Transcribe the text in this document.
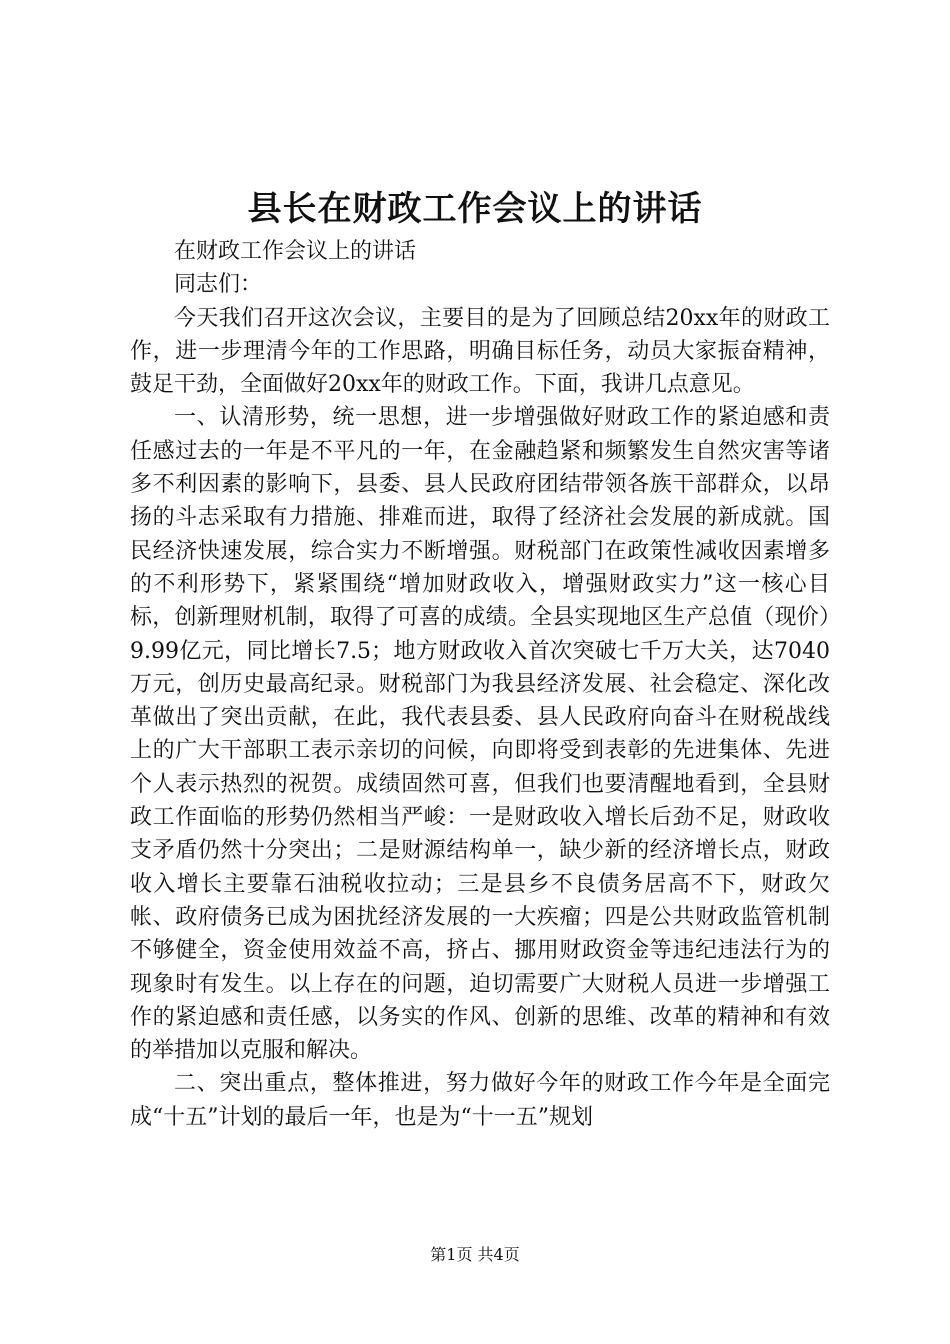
县长在财政工作会议上的讲话

在财政工作会议上的讲话

同志们：

今天我们召开这次会议，主要目的是为了回顾总结20xx年的财政工作，进一步理清今年的工作思路，明确目标任务，动员大家振奋精神，鼓足干劲，全面做好20xx年的财政工作。下面，我讲几点意见。

一、认清形势，统一思想，进一步增强做好财政工作的紧迫感和责任感过去的一年是不平凡的一年，在金融趋紧和频繁发生自然灾害等诸多不利因素的影响下，县委、县人民政府团结带领各族干部群众，以昂扬的斗志采取有力措施、排难而进，取得了经济社会发展的新成就。国民经济快速发展，综合实力不断增强。财税部门在政策性减收因素增多的不利形势下，紧紧围绕“增加财政收入，增强财政实力”这一核心目标，创新理财机制，取得了可喜的成绩。全县实现地区生产总值（现价）9.99亿元，同比增长7.5；地方财政收入首次突破七千万大关，达7040万元，创历史最高纪录。财税部门为我县经济发展、社会稳定、深化改革做出了突出贡献，在此，我代表县委、县人民政府向奋斗在财税战线上的广大干部职工表示亲切的问候，向即将受到表彰的先进集体、先进个人表示热烈的祝贺。成绩固然可喜，但我们也要清醒地看到，全县财政工作面临的形势仍然相当严峻：一是财政收入增长后劲不足，财政收支矛盾仍然十分突出；二是财源结构单一，缺少新的经济增长点，财政收入增长主要靠石油税收拉动；三是县乡不良债务居高不下，财政欠帐、政府债务已成为困扰经济发展的一大疾瘤；四是公共财政监管机制不够健全，资金使用效益不高，挤占、挪用财政资金等违纪违法行为的现象时有发生。以上存在的问题，迫切需要广大财税人员进一步增强工作的紧迫感和责任感，以务实的作风、创新的思维、改革的精神和有效的举措加以克服和解决。

二、突出重点，整体推进，努力做好今年的财政工作今年是全面完成“十五”计划的最后一年，也是为“十一五”规划

第1页 共4页
